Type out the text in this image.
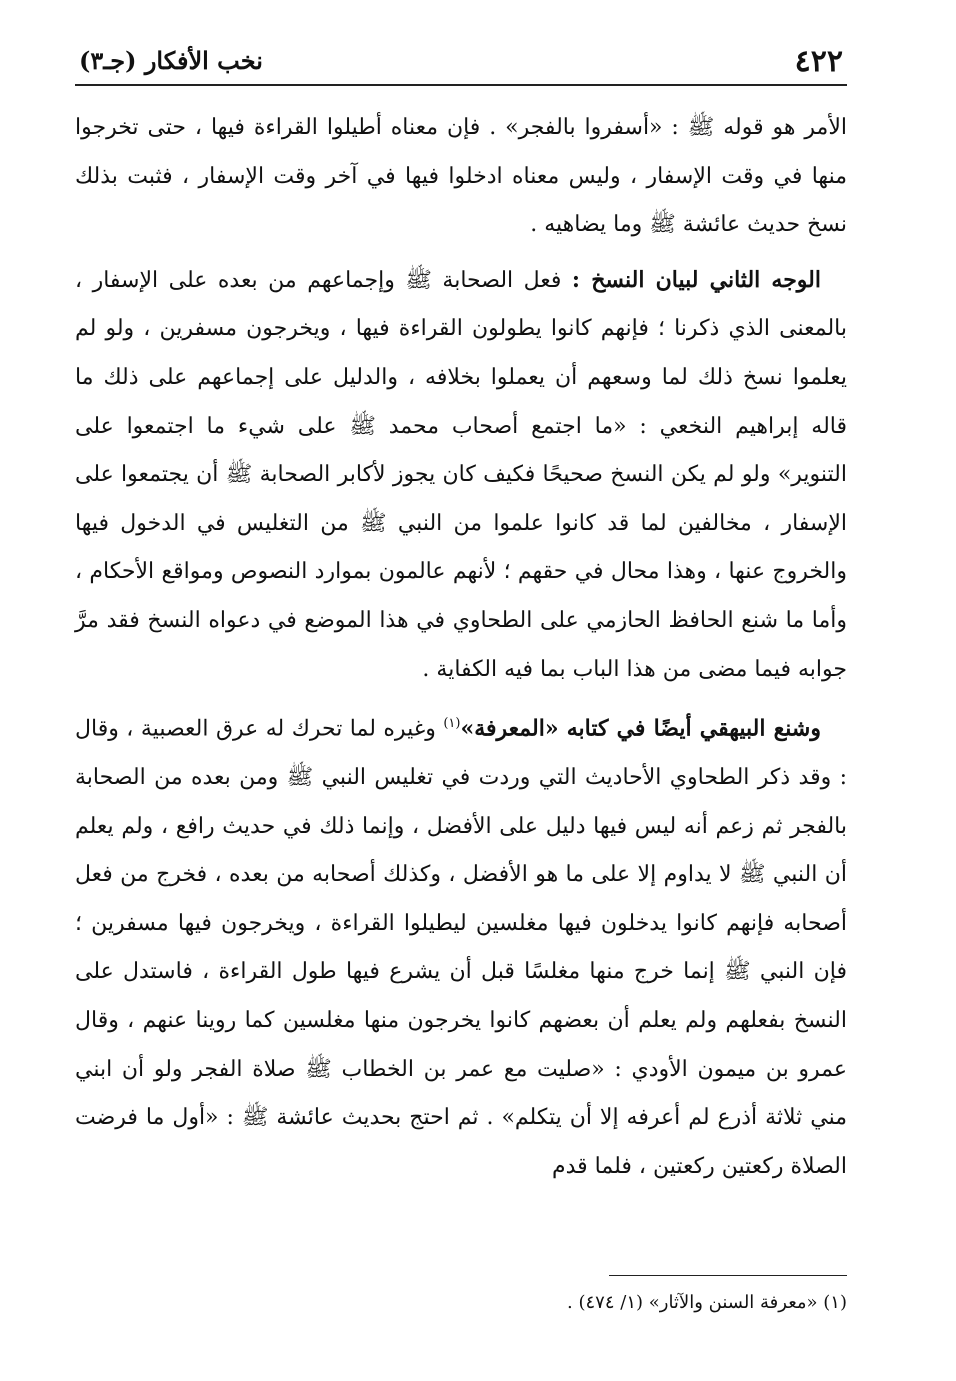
٤٢٢
نخب الأفكار (جـ٣)

الأمر هو قوله ﷺ : «أسفروا بالفجر» . فإن معناه أطيلوا القراءة فيها ، حتى تخرجوا منها في وقت الإسفار ، وليس معناه ادخلوا فيها في آخر وقت الإسفار ، فثبت بذلك نسخ حديث عائشة ﷺ وما يضاهيه .

الوجه الثاني لبيان النسخ : فعل الصحابة ﷺ وإجماعهم من بعده على الإسفار ، بالمعنى الذي ذكرنا ؛ فإنهم كانوا يطولون القراءة فيها ، ويخرجون مسفرين ، ولو لم يعلموا نسخ ذلك لما وسعهم أن يعملوا بخلافه ، والدليل على إجماعهم على ذلك ما قاله إبراهيم النخعي : «ما اجتمع أصحاب محمد ﷺ على شيء ما اجتمعوا على التنوير» ولو لم يكن النسخ صحيحًا فكيف كان يجوز لأكابر الصحابة ﷺ أن يجتمعوا على الإسفار ، مخالفين لما قد كانوا علموا من النبي ﷺ من التغليس في الدخول فيها والخروج عنها ، وهذا محال في حقهم ؛ لأنهم عالمون بموارد النصوص ومواقع الأحكام ، وأما ما شنع الحافظ الحازمي على الطحاوي في هذا الموضع في دعواه النسخ فقد مرَّ جوابه فيما مضى من هذا الباب بما فيه الكفاية .

وشنع البيهقي أيضًا في كتابه «المعرفة»$^{(١)}$ وغيره لما تحرك له عرق العصبية ، وقال : وقد ذكر الطحاوي الأحاديث التي وردت في تغليس النبي ﷺ ومن بعده من الصحابة بالفجر ثم زعم أنه ليس فيها دليل على الأفضل ، وإنما ذلك في حديث رافع ، ولم يعلم أن النبي ﷺ لا يداوم إلا على ما هو الأفضل ، وكذلك أصحابه من بعده ، فخرج من فعل أصحابه فإنهم كانوا يدخلون فيها مغلسين ليطيلوا القراءة ، ويخرجون فيها مسفرين ؛ فإن النبي ﷺ إنما خرج منها مغلسًا قبل أن يشرع فيها طول القراءة ، فاستدل على النسخ بفعلهم ولم يعلم أن بعضهم كانوا يخرجون منها مغلسين كما روينا عنهم ، وقال عمرو بن ميمون الأودي : «صليت مع عمر بن الخطاب ﷺ صلاة الفجر ولو أن ابني مني ثلاثة أذرع لم أعرفه إلا أن يتكلم» . ثم احتج بحديث عائشة ﷺ : «أول ما فرضت الصلاة ركعتين ركعتين ، فلما قدم

(١) «معرفة السنن والآثار» (١/ ٤٧٤) .
